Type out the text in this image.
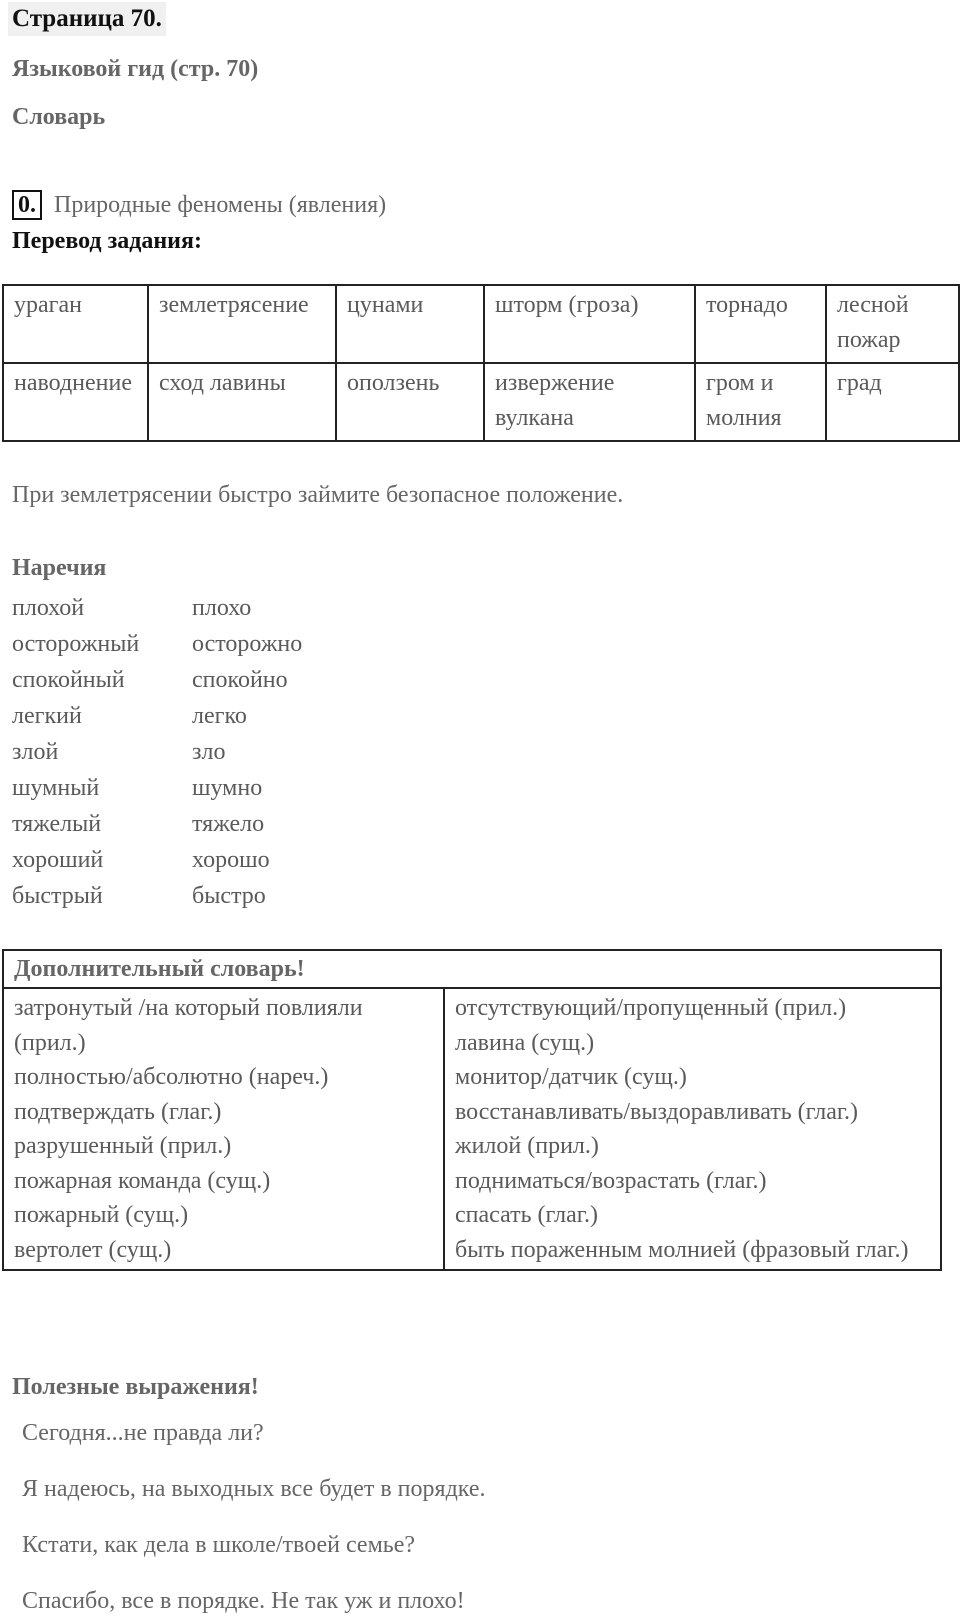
Страница 70.
Языковой гид (стр. 70)
Словарь
0. Природные феномены (явления)
Перевод задания:
ураган	землетрясение	цунами	шторм (гроза)	торнадо	лесной пожар
наводнение	сход лавины	оползень	извержение вулкана	гром и молния	град
При землетрясении быстро займите безопасное положение.
Наречия
плохой	плохо
осторожный	осторожно
спокойный	спокойно
легкий	легко
злой	зло
шумный	шумно
тяжелый	тяжело
хороший	хорошо
быстрый	быстро
Дополнительный словарь!

затронутый /на который повлияли (прил.)
полностью/абсолютно (нареч.)
подтверждать (глаг.)
разрушенный (прил.)
пожарная команда (сущ.)
пожарный (сущ.)
вертолет (сущ.)

отсутствующий/пропущенный (прил.)
лавина (сущ.)
монитор/датчик (сущ.)
восстанавливать/выздоравливать (глаг.)
жилой (прил.)
подниматься/возрастать (глаг.)
спасать (глаг.)
быть пораженным молнией (фразовый глаг.)
Полезные выражения!
Сегодня...не правда ли?
Я надеюсь, на выходных все будет в порядке.
Кстати, как дела в школе/твоей семье?
Спасибо, все в порядке. Не так уж и плохо!
